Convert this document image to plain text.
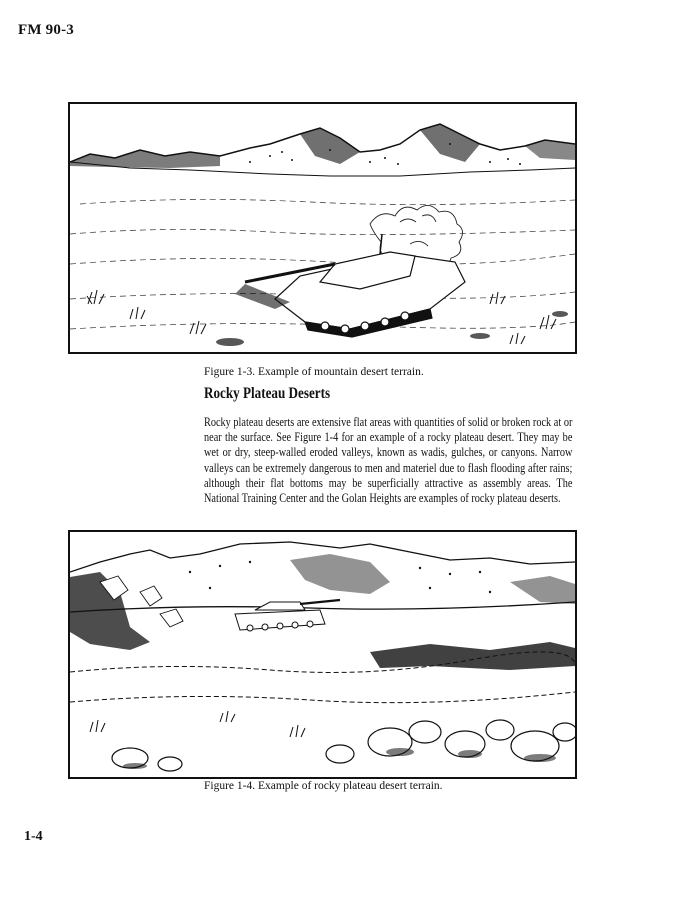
FM 90-3
Figure 1-3. Example of mountain desert terrain.
Rocky Plateau Deserts
Rocky plateau deserts are extensive flat areas with quantities of solid or broken rock at or near the surface. See Figure 1-4 for an example of a rocky plateau desert. They may be wet or dry, steep-walled eroded valleys, known as wadis, gulches, or canyons. Narrow valleys can be extremely dangerous to men and materiel due to flash flooding after rains; although their flat bottoms may be superficially attractive as assembly areas. The National Training Center and the Golan Heights are examples of rocky plateau deserts.
Figure 1-4. Example of rocky plateau desert terrain.
1-4
